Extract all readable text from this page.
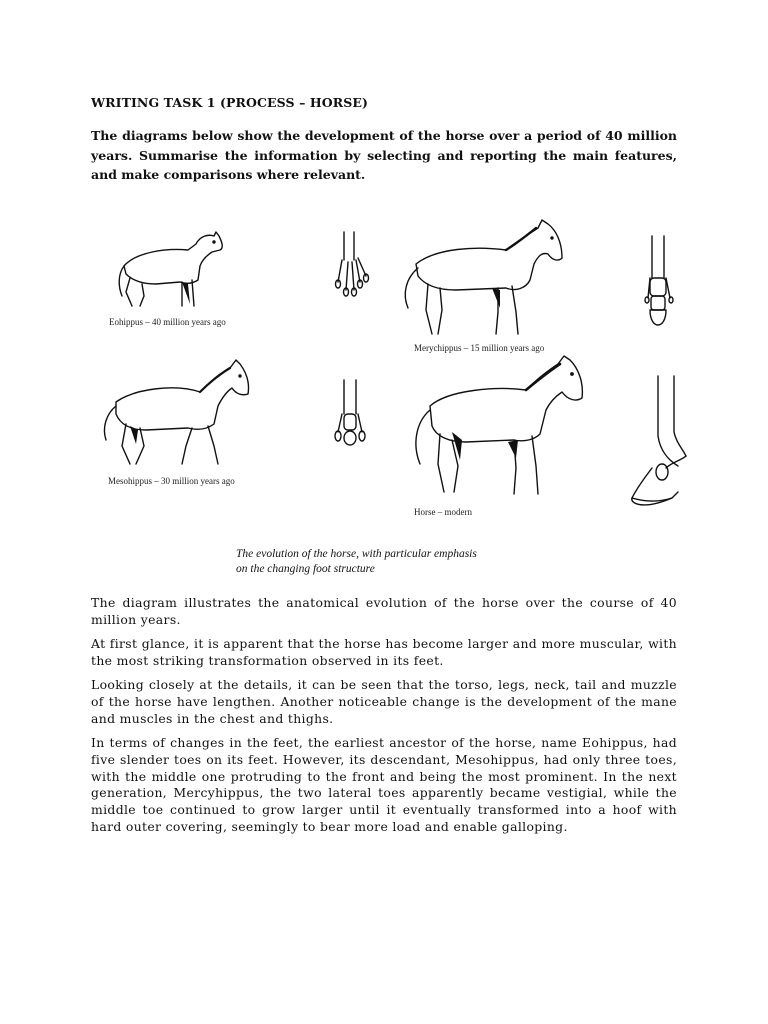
WRITING TASK 1 (PROCESS – HORSE)
The diagrams below show the development of the horse over a period of 40 million years. Summarise the information by selecting and reporting the main features, and make comparisons where relevant.
Eohippus – 40 million years ago
Merychippus – 15 million years ago
Mesohippus – 30 million years ago
Horse – modern
The evolution of the horse, with particular emphasis
on the changing foot structure

The diagram illustrates the anatomical evolution of the horse over the course of 40 million years.

At first glance, it is apparent that the horse has become larger and more muscular, with the most striking transformation observed in its feet.

Looking closely at the details, it can be seen that the torso, legs, neck, tail and muzzle of the horse have lengthen. Another noticeable change is the development of the mane and muscles in the chest and thighs.

In terms of changes in the feet, the earliest ancestor of the horse, name Eohippus, had five slender toes on its feet. However, its descendant, Mesohippus, had only three toes, with the middle one protruding to the front and being the most prominent. In the next generation, Mercyhippus, the two lateral toes apparently became vestigial, while the middle toe continued to grow larger until it eventually transformed into a hoof with hard outer covering, seemingly to bear more load and enable galloping.
